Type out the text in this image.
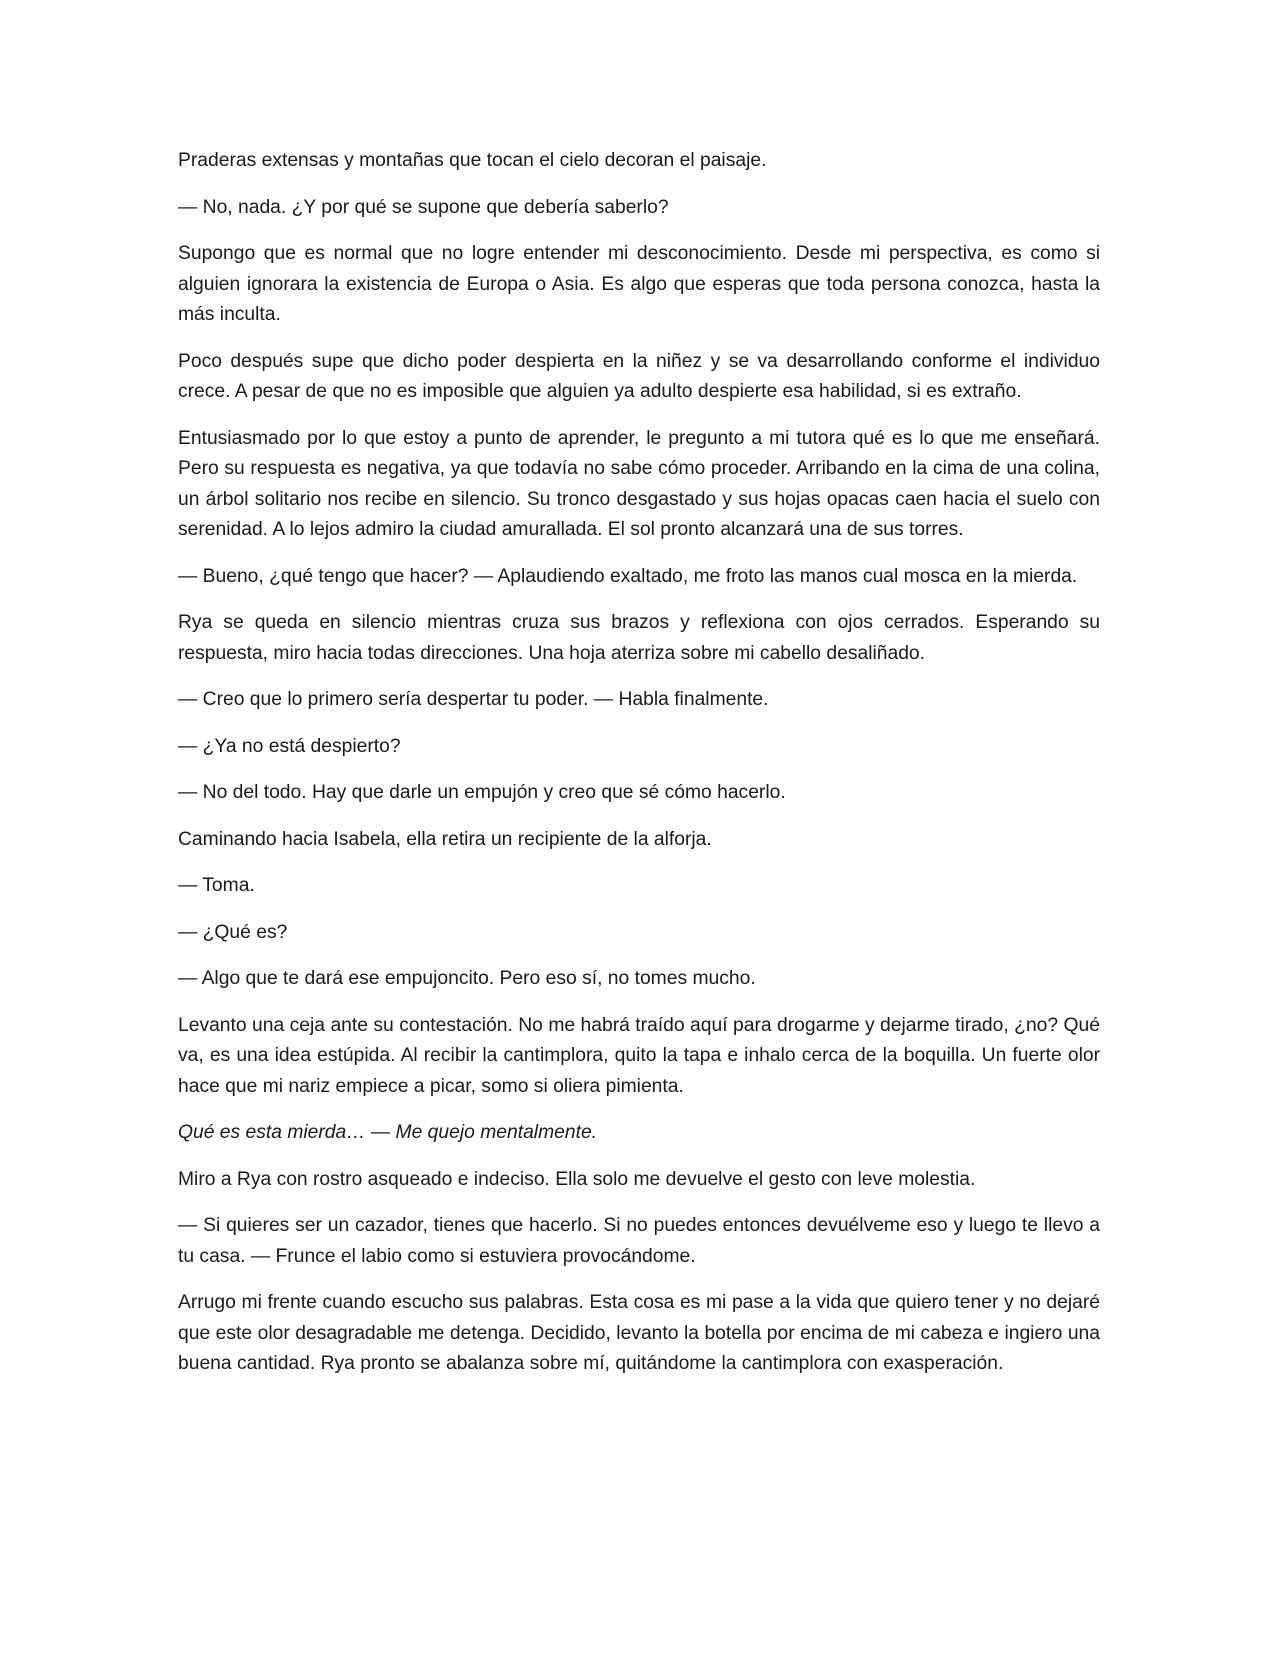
Praderas extensas y montañas que tocan el cielo decoran el paisaje.

— No, nada. ¿Y por qué se supone que debería saberlo?

Supongo que es normal que no logre entender mi desconocimiento. Desde mi perspectiva, es como si alguien ignorara la existencia de Europa o Asia. Es algo que esperas que toda persona conozca, hasta la más inculta.

Poco después supe que dicho poder despierta en la niñez y se va desarrollando conforme el individuo crece. A pesar de que no es imposible que alguien ya adulto despierte esa habilidad, si es extraño.

Entusiasmado por lo que estoy a punto de aprender, le pregunto a mi tutora qué es lo que me enseñará. Pero su respuesta es negativa, ya que todavía no sabe cómo proceder. Arribando en la cima de una colina, un árbol solitario nos recibe en silencio. Su tronco desgastado y sus hojas opacas caen hacia el suelo con serenidad. A lo lejos admiro la ciudad amurallada. El sol pronto alcanzará una de sus torres.

— Bueno, ¿qué tengo que hacer? — Aplaudiendo exaltado, me froto las manos cual mosca en la mierda.

Rya se queda en silencio mientras cruza sus brazos y reflexiona con ojos cerrados. Esperando su respuesta, miro hacia todas direcciones. Una hoja aterriza sobre mi cabello desaliñado.

— Creo que lo primero sería despertar tu poder. — Habla finalmente.

— ¿Ya no está despierto?

— No del todo. Hay que darle un empujón y creo que sé cómo hacerlo.

Caminando hacia Isabela, ella retira un recipiente de la alforja.

— Toma.

— ¿Qué es?

— Algo que te dará ese empujoncito. Pero eso sí, no tomes mucho.

Levanto una ceja ante su contestación. No me habrá traído aquí para drogarme y dejarme tirado, ¿no? Qué va, es una idea estúpida. Al recibir la cantimplora, quito la tapa e inhalo cerca de la boquilla. Un fuerte olor hace que mi nariz empiece a picar, somo si oliera pimienta.

Qué es esta mierda… — Me quejo mentalmente.

Miro a Rya con rostro asqueado e indeciso. Ella solo me devuelve el gesto con leve molestia.

— Si quieres ser un cazador, tienes que hacerlo. Si no puedes entonces devuélveme eso y luego te llevo a tu casa. — Frunce el labio como si estuviera provocándome.

Arrugo mi frente cuando escucho sus palabras. Esta cosa es mi pase a la vida que quiero tener y no dejaré que este olor desagradable me detenga. Decidido, levanto la botella por encima de mi cabeza e ingiero una buena cantidad. Rya pronto se abalanza sobre mí, quitándome la cantimplora con exasperación.
